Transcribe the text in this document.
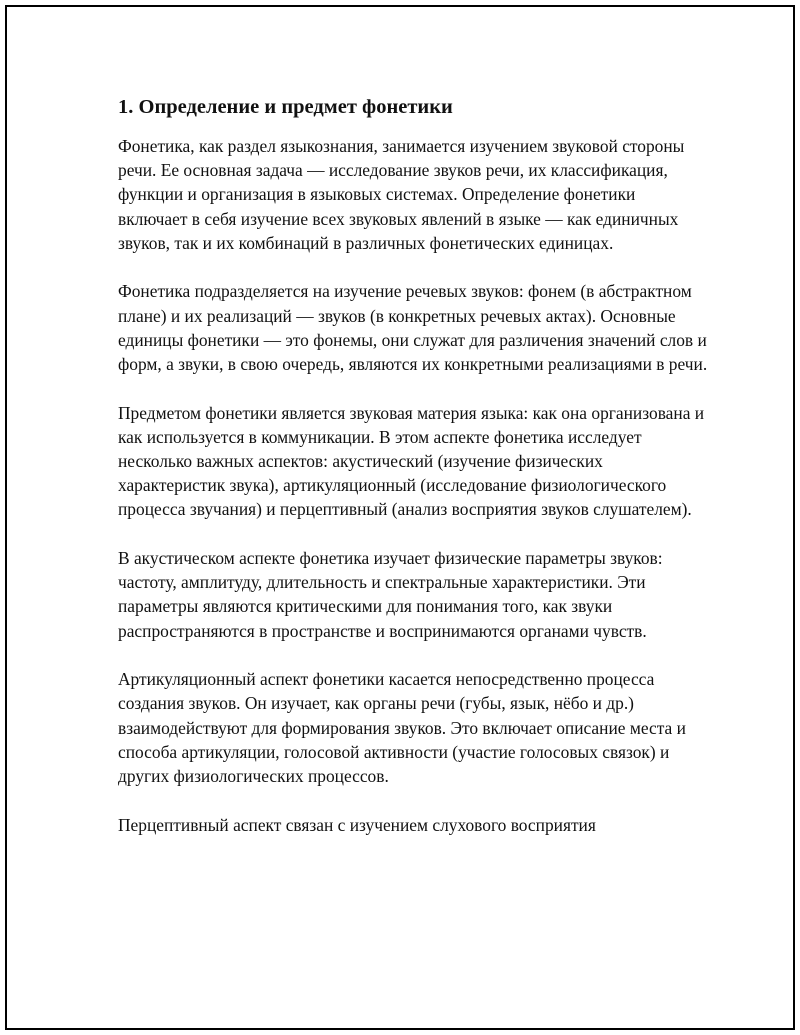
1. Определение и предмет фонетики

Фонетика, как раздел языкознания, занимается изучением звуковой стороны речи. Ее основная задача — исследование звуков речи, их классификация, функции и организация в языковых системах. Определение фонетики включает в себя изучение всех звуковых явлений в языке — как единичных звуков, так и их комбинаций в различных фонетических единицах.

Фонетика подразделяется на изучение речевых звуков: фонем (в абстрактном плане) и их реализаций — звуков (в конкретных речевых актах). Основные единицы фонетики — это фонемы, они служат для различения значений слов и форм, а звуки, в свою очередь, являются их конкретными реализациями в речи.

Предметом фонетики является звуковая материя языка: как она организована и как используется в коммуникации. В этом аспекте фонетика исследует несколько важных аспектов: акустический (изучение физических характеристик звука), артикуляционный (исследование физиологического процесса звучания) и перцептивный (анализ восприятия звуков слушателем).

В акустическом аспекте фонетика изучает физические параметры звуков: частоту, амплитуду, длительность и спектральные характеристики. Эти параметры являются критическими для понимания того, как звуки распространяются в пространстве и воспринимаются органами чувств.

Артикуляционный аспект фонетики касается непосредственно процесса создания звуков. Он изучает, как органы речи (губы, язык, нёбо и др.) взаимодействуют для формирования звуков. Это включает описание места и способа артикуляции, голосовой активности (участие голосовых связок) и других физиологических процессов.

Перцептивный аспект связан с изучением слухового восприятия
